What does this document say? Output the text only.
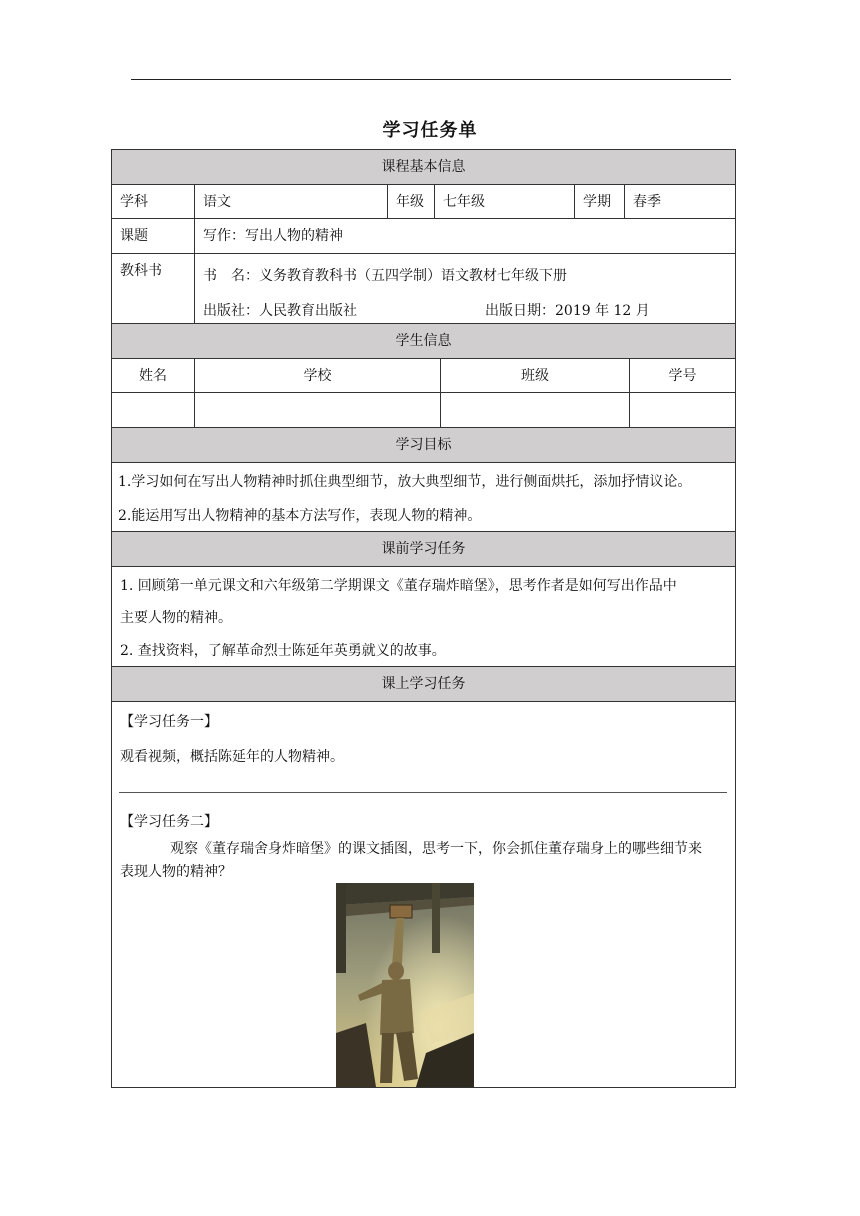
学习任务单
课程基本信息
学科	语文	年级	七年级	学期	春季
课题	写作：写出人物的精神
教科书	书　名：义务教育教科书（五四学制）语文教材七年级下册
出版社：人民教育出版社	出版日期：2019 年 12 月
学生信息
姓名	学校	班级	学号
学习目标
1.学习如何在写出人物精神时抓住典型细节，放大典型细节，进行侧面烘托，添加抒情议论。
2.能运用写出人物精神的基本方法写作，表现人物的精神。
课前学习任务
1. 回顾第一单元课文和六年级第二学期课文《董存瑞炸暗堡》，思考作者是如何写出作品中
主要人物的精神。
2. 查找资料，了解革命烈士陈延年英勇就义的故事。
课上学习任务
【学习任务一】
观看视频，概括陈延年的人物精神。
【学习任务二】
观察《董存瑞舍身炸暗堡》的课文插图，思考一下，你会抓住董存瑞身上的哪些细节来
表现人物的精神？
